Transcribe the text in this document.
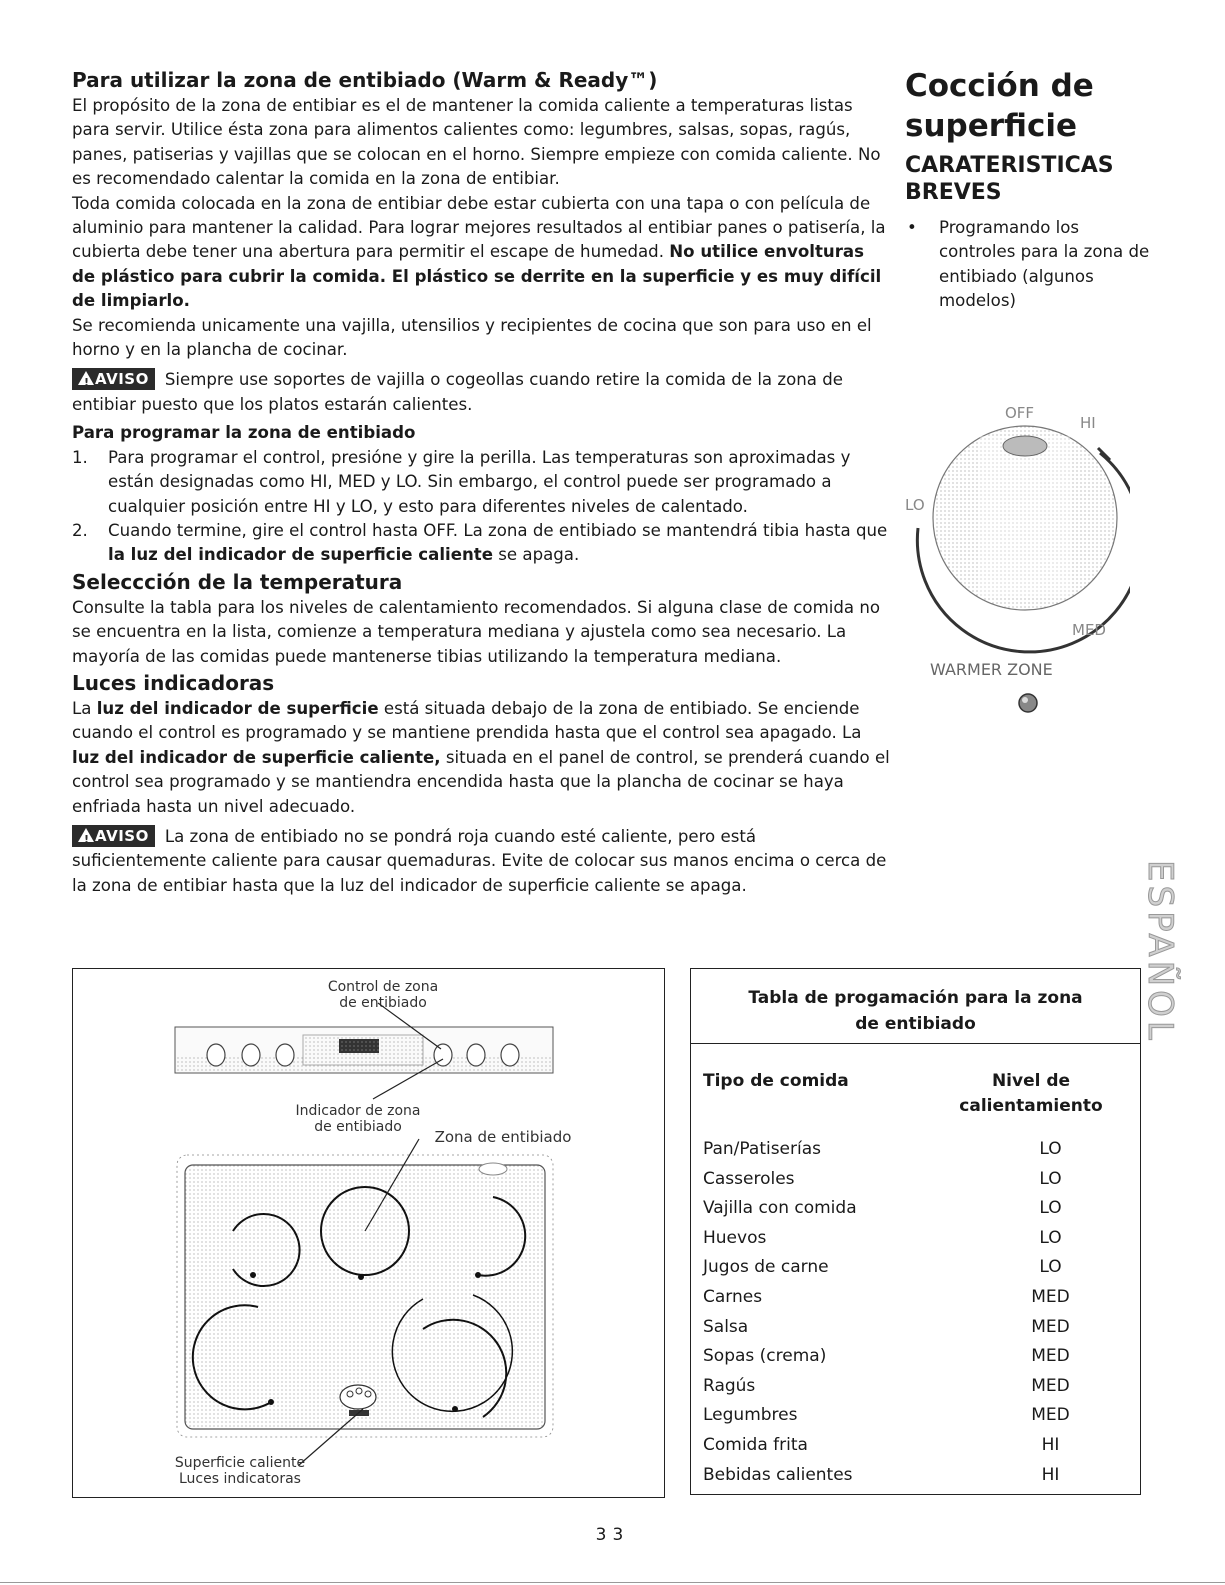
Para utilizar la zona de entibiado (Warm & Ready™)

El propósito de la zona de entibiar es el de mantener la comida caliente a temperaturas listas para servir. Utilice ésta zona para alimentos calientes como: legumbres, salsas, sopas, ragús, panes, patiserias y vajillas que se colocan en el horno. Siempre empieze con comida caliente. No es recomendado calentar la comida en la zona de entibiar.

Toda comida colocada en la zona de entibiar debe estar cubierta con una tapa o con película de aluminio para mantener la calidad. Para lograr mejores resultados al entibiar panes o patisería, la cubierta debe tener una abertura para permitir el escape de humedad. No utilice envolturas de plástico para cubrir la comida. El plástico se derrite en la superficie y es muy difícil de limpiarlo.

Se recomienda unicamente una vajilla, utensilios y recipientes de cocina que son para uso en el horno y en la plancha de cocinar.

! AVISO Siempre use soportes de vajilla o cogeollas cuando retire la comida de la zona de entibiar puesto que los platos estarán calientes.

Para programar la zona de entibiado

1. Para programar el control, presióne y gire la perilla. Las temperaturas son aproximadas y están designadas como HI, MED y LO. Sin embargo, el control puede ser programado a cualquier posición entre HI y LO, y esto para diferentes niveles de calentado.
2. Cuando termine, gire el control hasta OFF. La zona de entibiado se mantendrá tibia hasta que la luz del indicador de superficie caliente se apaga.

Seleccción de la temperatura

Consulte la tabla para los niveles de calentamiento recomendados. Si alguna clase de comida no se encuentra en la lista, comienze a temperatura mediana y ajustela como sea necesario. La mayoría de las comidas puede mantenerse tibias utilizando la temperatura mediana.

Luces indicadoras

La luz del indicador de superficie está situada debajo de la zona de entibiado. Se enciende cuando el control es programado y se mantiene prendida hasta que el control sea apagado. La luz del indicador de superficie caliente, situada en el panel de control, se prenderá cuando el control sea programado y se mantiendra encendida hasta que la plancha de cocinar se haya enfriada hasta un nivel adecuado.

! AVISO La zona de entibiado no se pondrá roja cuando esté caliente, pero está suficientemente caliente para causar quemaduras. Evite de colocar sus manos encima o cerca de la zona de entibiar hasta que la luz del indicador de superficie caliente se apaga.

Cocción de
superficie

CARATERISTICAS
BREVES

• Programando los controles para la zona de entibiado (algunos modelos)
OFF
HI
LO
MED
WARMER ZONE
ESPAÑOL
Control de zona
de entibiado
Indicador de zona
de entibiado
Zona de entibiado
Superficie caliente
Luces indicatoras
Tabla de progamación para la zona
de entibiado
Tipo de comida	Nivel de
calientamiento
Pan/Patiserías	LO
Casseroles	LO
Vajilla con comida	LO
Huevos	LO
Jugos de carne	LO
Carnes	MED
Salsa	MED
Sopas (crema)	MED
Ragús	MED
Legumbres	MED
Comida frita	HI
Bebidas calientes	HI
33
